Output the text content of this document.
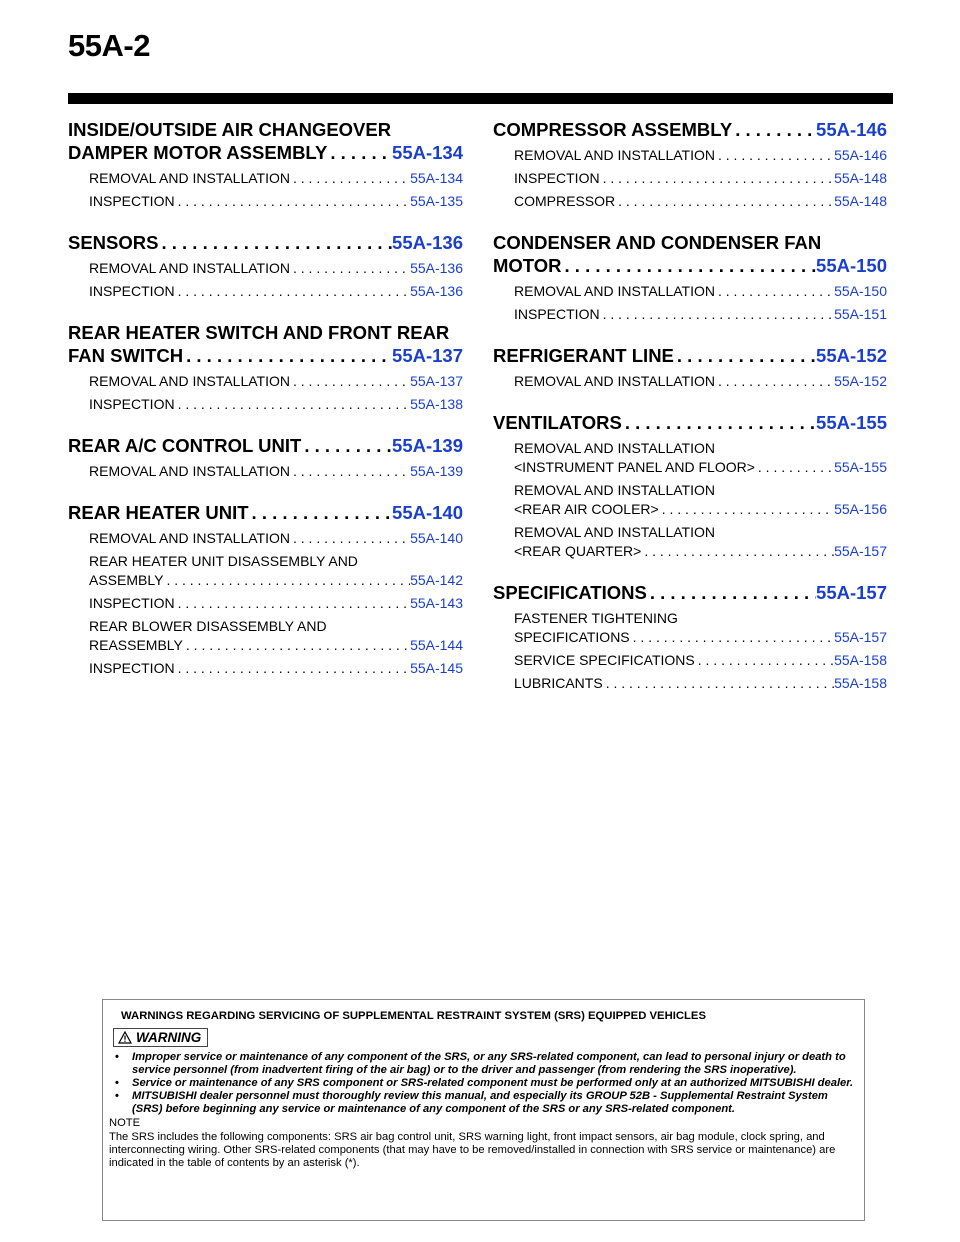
55A-2
INSIDE/OUTSIDE AIR CHANGEOVER
DAMPER MOTOR ASSEMBLY . . .	55A-134
REMOVAL AND INSTALLATION . . .	55A-134
INSPECTION . . .	55A-135
SENSORS . . .	55A-136
REMOVAL AND INSTALLATION . . .	55A-136
INSPECTION . . .	55A-136
REAR HEATER SWITCH AND FRONT REAR
FAN SWITCH . . .	55A-137
REMOVAL AND INSTALLATION . . .	55A-137
INSPECTION . . .	55A-138
REAR A/C CONTROL UNIT . . .	55A-139
REMOVAL AND INSTALLATION . . .	55A-139
REAR HEATER UNIT . . .	55A-140
REMOVAL AND INSTALLATION . . .	55A-140
REAR HEATER UNIT DISASSEMBLY AND
ASSEMBLY . . .	55A-142
INSPECTION . . .	55A-143
REAR BLOWER DISASSEMBLY AND
REASSEMBLY . . .	55A-144
INSPECTION . . .	55A-145
COMPRESSOR ASSEMBLY . . .	55A-146
REMOVAL AND INSTALLATION . . .	55A-146
INSPECTION . . .	55A-148
COMPRESSOR . . .	55A-148
CONDENSER AND CONDENSER FAN
MOTOR . . .	55A-150
REMOVAL AND INSTALLATION . . .	55A-150
INSPECTION . . .	55A-151
REFRIGERANT LINE . . .	55A-152
REMOVAL AND INSTALLATION . . .	55A-152
VENTILATORS . . .	55A-155
REMOVAL AND INSTALLATION
<INSTRUMENT PANEL AND FLOOR> . . .	55A-155
REMOVAL AND INSTALLATION
<REAR AIR COOLER> . . .	55A-156
REMOVAL AND INSTALLATION
<REAR QUARTER> . . .	55A-157
SPECIFICATIONS . . .	55A-157
FASTENER TIGHTENING
SPECIFICATIONS . . .	55A-157
SERVICE SPECIFICATIONS . . .	55A-158
LUBRICANTS . . .	55A-158
WARNINGS REGARDING SERVICING OF SUPPLEMENTAL RESTRAINT SYSTEM (SRS) EQUIPPED VEHICLES
WARNING
• Improper service or maintenance of any component of the SRS, or any SRS-related component, can lead to personal injury or death to service personnel (from inadvertent firing of the air bag) or to the driver and passenger (from rendering the SRS inoperative).
• Service or maintenance of any SRS component or SRS-related component must be performed only at an authorized MITSUBISHI dealer.
• MITSUBISHI dealer personnel must thoroughly review this manual, and especially its GROUP 52B - Supplemental Restraint System (SRS) before beginning any service or maintenance of any component of the SRS or any SRS-related component.
NOTE
The SRS includes the following components: SRS air bag control unit, SRS warning light, front impact sensors, air bag module, clock spring, and interconnecting wiring. Other SRS-related components (that may have to be removed/installed in connection with SRS service or maintenance) are indicated in the table of contents by an asterisk (*).
